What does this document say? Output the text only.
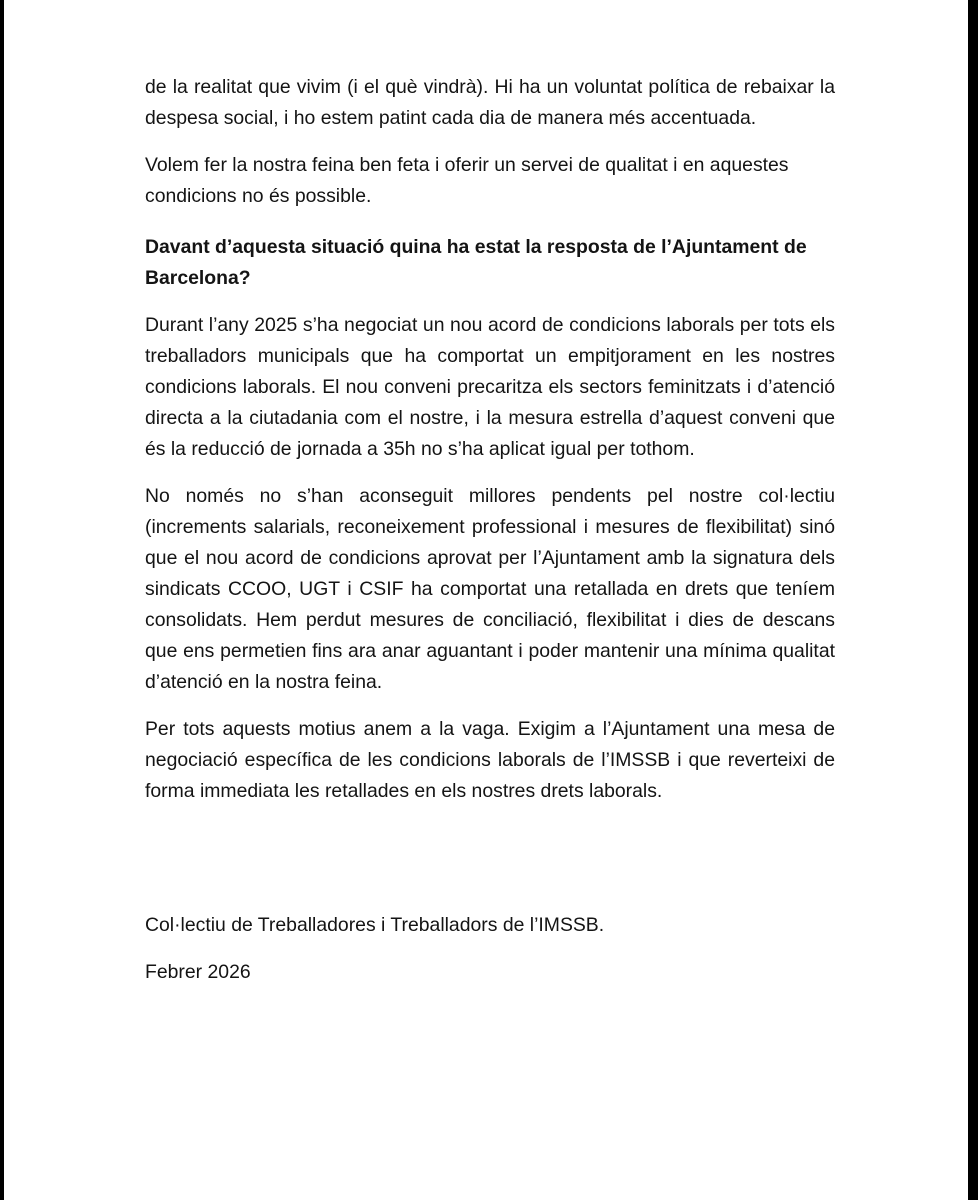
de la realitat que vivim (i el què vindrà). Hi ha un voluntat política de rebaixar la despesa social, i ho estem patint cada dia de manera més accentuada.

Volem fer la nostra feina ben feta i oferir un servei de qualitat i en aquestes condicions no és possible.

Davant d’aquesta situació quina ha estat la resposta de l’Ajuntament de Barcelona?

Durant l’any 2025 s’ha negociat un nou acord de condicions laborals per tots els treballadors municipals que ha comportat un empitjorament en les nostres condicions laborals. El nou conveni precaritza els sectors feminitzats i d’atenció directa a la ciutadania com el nostre, i la mesura estrella d’aquest conveni que és la reducció de jornada a 35h no s’ha aplicat igual per tothom.

No només no s’han aconseguit millores pendents pel nostre col·lectiu (increments salarials, reconeixement professional i mesures de flexibilitat) sinó que el nou acord de condicions aprovat per l’Ajuntament amb la signatura dels sindicats CCOO, UGT i CSIF ha comportat una retallada en drets que teníem consolidats. Hem perdut mesures de conciliació, flexibilitat i dies de descans que ens permetien fins ara anar aguantant i poder mantenir una mínima qualitat d’atenció en la nostra feina.

Per tots aquests motius anem a la vaga. Exigim a l’Ajuntament una mesa de negociació específica de les condicions laborals de l’IMSSB i que reverteixi de forma immediata les retallades en els nostres drets laborals.

Col·lectiu de Treballadores i Treballadors de l’IMSSB.

Febrer 2026
